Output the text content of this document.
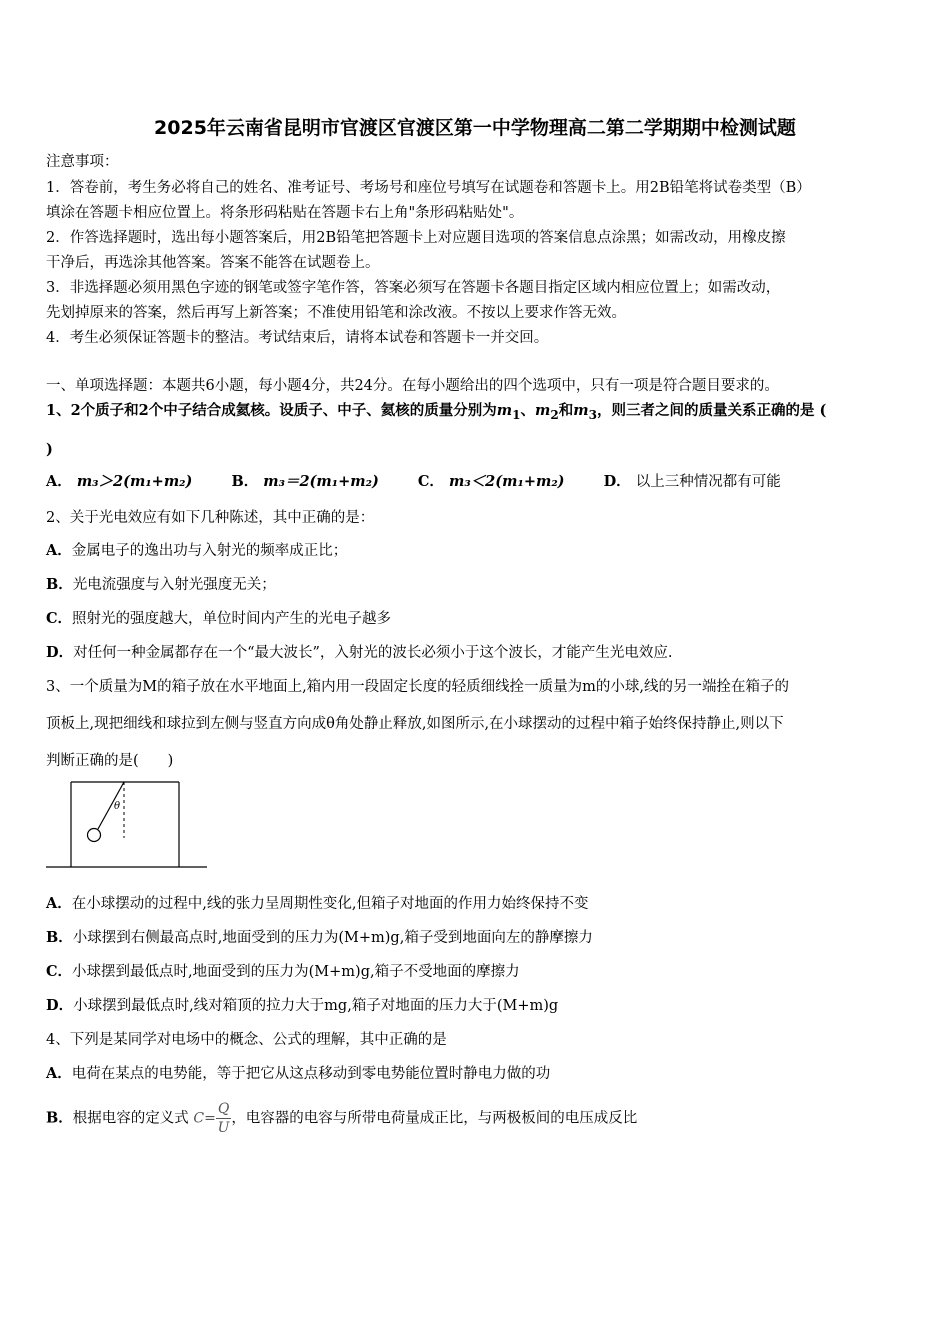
2025年云南省昆明市官渡区官渡区第一中学物理高二第二学期期中检测试题
注意事项：
1．答卷前，考生务必将自己的姓名、准考证号、考场号和座位号填写在试题卷和答题卡上。用2B铅笔将试卷类型（B）
填涂在答题卡相应位置上。将条形码粘贴在答题卡右上角"条形码粘贴处"。
2．作答选择题时，选出每小题答案后，用2B铅笔把答题卡上对应题目选项的答案信息点涂黑；如需改动，用橡皮擦
干净后，再选涂其他答案。答案不能答在试题卷上。
3．非选择题必须用黑色字迹的钢笔或签字笔作答，答案必须写在答题卡各题目指定区域内相应位置上；如需改动，
先划掉原来的答案，然后再写上新答案；不准使用铅笔和涂改液。不按以上要求作答无效。
4．考生必须保证答题卡的整洁。考试结束后，请将本试卷和答题卡一并交回。
一、单项选择题：本题共6小题，每小题4分，共24分。在每小题给出的四个选项中，只有一项是符合题目要求的。
1、2个质子和2个中子结合成氦核。设质子、中子、氦核的质量分别为$m_1$、$m_2$和$m_3$，则三者之间的质量关系正确的是 (
)
A． m₃＞2(m₁+m₂)	B． m₃＝2(m₁+m₂)	C． m₃＜2(m₁+m₂)	D． 以上三种情况都有可能
2、关于光电效应有如下几种陈述，其中正确的是：
A．金属电子的逸出功与入射光的频率成正比；
B．光电流强度与入射光强度无关；
C．照射光的强度越大，单位时间内产生的光电子越多
D．对任何一种金属都存在一个“最大波长”，入射光的波长必须小于这个波长，才能产生光电效应.
3、一个质量为M的箱子放在水平地面上,箱内用一段固定长度的轻质细线拴一质量为m的小球,线的另一端拴在箱子的
顶板上,现把细线和球拉到左侧与竖直方向成θ角处静止释放,如图所示,在小球摆动的过程中箱子始终保持静止,则以下
判断正确的是(　　)
θ
A．在小球摆动的过程中,线的张力呈周期性变化,但箱子对地面的作用力始终保持不变
B．小球摆到右侧最高点时,地面受到的压力为(M+m)g,箱子受到地面向左的静摩擦力
C．小球摆到最低点时,地面受到的压力为(M+m)g,箱子不受地面的摩擦力
D．小球摆到最低点时,线对箱顶的拉力大于mg,箱子对地面的压力大于(M+m)g
4、下列是某同学对电场中的概念、公式的理解，其中正确的是
A．电荷在某点的电势能，等于把它从这点移动到零电势能位置时静电力做的功
B．根据电容的定义式 $C= \frac{Q}{U}$ ，电容器的电容与所带电荷量成正比，与两极板间的电压成反比
